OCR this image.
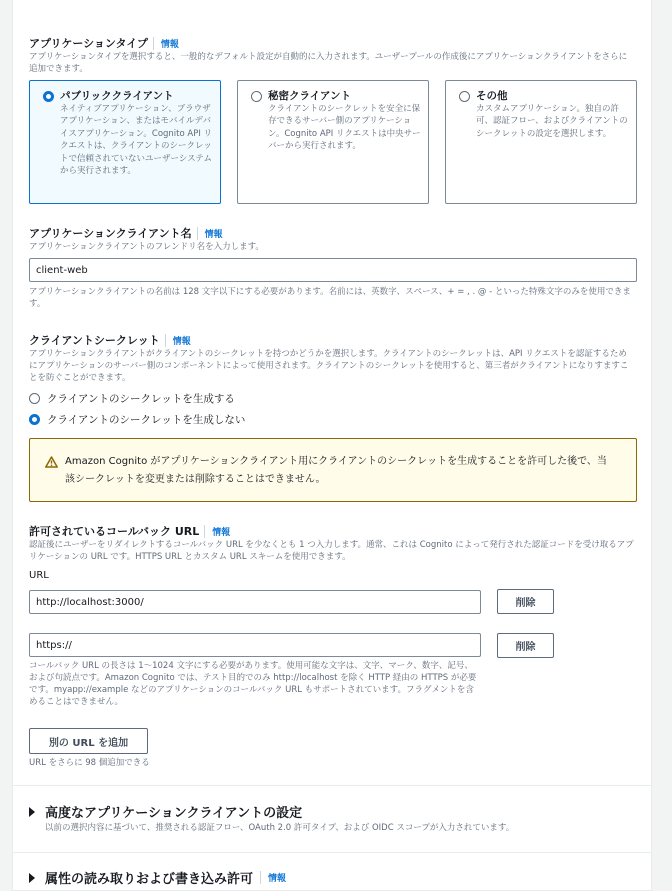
アプリケーションタイプ 情報
アプリケーションタイプを選択すると、一般的なデフォルト設定が自動的に入力されます。ユーザープールの作成後にアプリケーションクライアントをさらに追加できます。
パブリッククライアント
ネイティブアプリケーション、ブラウザアプリケーション、またはモバイルデバイスアプリケーション。Cognito API リクエストは、クライアントのシークレットで信頼されていないユーザーシステムから実行されます。
秘密クライアント
クライアントのシークレットを安全に保存できるサーバー側のアプリケーション。Cognito API リクエストは中央サーバーから実行されます。
その他
カスタムアプリケーション。独自の許可、認証フロー、およびクライアントのシークレットの設定を選択します。
アプリケーションクライアント名 情報
アプリケーションクライアントのフレンドリ名を入力します。
client-web
アプリケーションクライアントの名前は 128 文字以下にする必要があります。名前には、英数字、スペース、+ = , . @ - といった特殊文字のみを使用できます。
クライアントシークレット 情報
アプリケーションクライアントがクライアントのシークレットを持つかどうかを選択します。クライアントのシークレットは、API リクエストを認証するためにアプリケーションのサーバー側のコンポーネントによって使用されます。クライアントのシークレットを使用すると、第三者がクライアントになりすますことを防ぐことができます。
クライアントのシークレットを生成する
クライアントのシークレットを生成しない
Amazon Cognito がアプリケーションクライアント用にクライアントのシークレットを生成することを許可した後で、当該シークレットを変更または削除することはできません。
許可されているコールバック URL 情報
認証後にユーザーをリダイレクトするコールバック URL を少なくとも 1 つ入力します。通常、これは Cognito によって発行された認証コードを受け取るアプリケーションの URL です。HTTPS URL とカスタム URL スキームを使用できます。
URL
http://localhost:3000/	削除
https://	削除
コールバック URL の長さは 1〜1024 文字にする必要があります。使用可能な文字は、文字、マーク、数字、記号、および句読点です。Amazon Cognito では、テスト目的でのみ http://localhost を除く HTTP 経由の HTTPS が必要です。myapp://example などのアプリケーションのコールバック URL もサポートされています。フラグメントを含めることはできません。
別の URL を追加
URL をさらに 98 個追加できる
高度なアプリケーションクライアントの設定
以前の選択内容に基づいて、推奨される認証フロー、OAuth 2.0 許可タイプ、および OIDC スコープが入力されています。
属性の読み取りおよび書き込み許可	情報
